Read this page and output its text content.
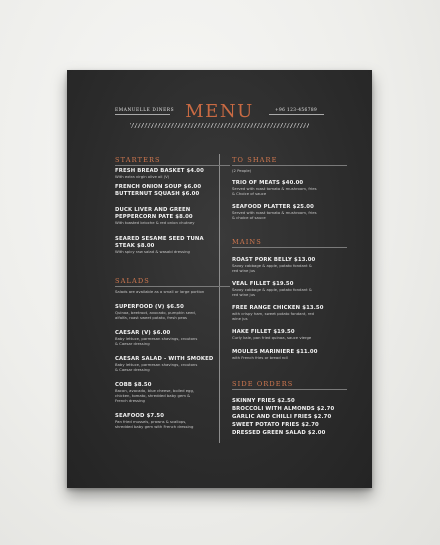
EMANUELLE DINERS MENU	+96 123-456789
STARTERS
FRESH BREAD BASKET $4.00
With extra virgin olive oil (V)
FRENCH ONION SOUP $6.00
BUTTERNUT SQUASH $6.00
DUCK LIVER AND GREEN
PEPPERCORN PATE $8.00
With toasted brioche & red onion chutney
SEARED SESAME SEED TUNA
STEAK $8.00
With spicy raw salad & wasabi dressing
SALADS
Salads are available as a small or large portion
SUPERFOOD (V) $6.50
Quinoa, beetroot, avocado, pumpkin seed,
alfalfa, roast sweet potato, fresh peas
CAESAR (V) $6.00
Baby lettuce, parmesan shavings, croutons
& Caesar dressing
CAESAR SALAD - WITH SMOKED
Baby lettuce, parmesan shavings, croutons
& Caesar dressing
COBB $8.50
Bacon, avocado, blue cheese, boiled egg,
chicken, tomato, shredded baby gem &
French dressing
SEAFOOD $7.50
Pan fried mussels, prawns & scallops,
shredded baby gem with French dressing
TO SHARE
(2 People)
TRIO OF MEATS $40.00
Served with roast tomato & mushroom, fries
& Choice of sauce
SEAFOOD PLATTER $25.00
Served with roast tomato & mushroom, fries
& choice of sauce
MAINS
ROAST PORK BELLY $13.00
Savoy cabbage & apple, potato fondant &
red wine jus
VEAL FILLET $19.50
Savoy cabbage & apple, potato fondant &
red wine jus
FREE RANGE CHICKEN $13.50
with crispy ham, sweet potato fondant, red
wine jus
HAKE FILLET $19.50
Curly kale, pan fried quinoa, sauce vierge
MOULES MARINIERE $11.00
with French fries or bread roll
SIDE ORDERS
SKINNY FRIES $2.50
BROCCOLI WITH ALMONDS $2.70
GARLIC AND CHILLI FRIES $2.70
SWEET POTATO FRIES $2.70
DRESSED GREEN SALAD $2.00
